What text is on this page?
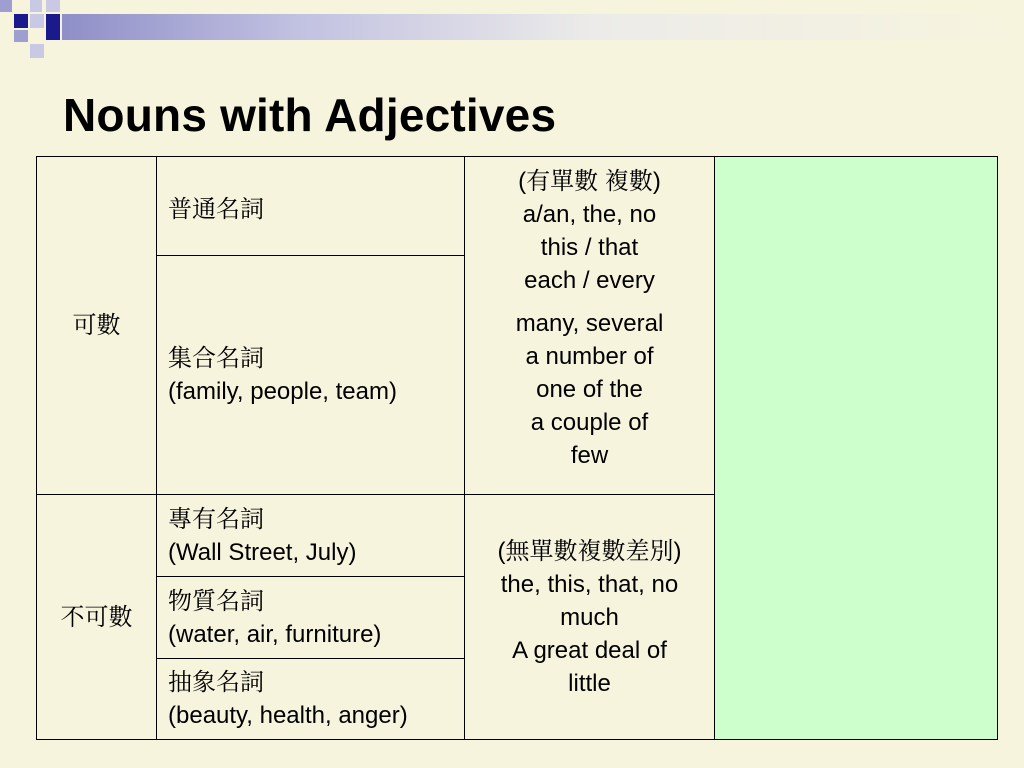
Nouns with Adjectives
可數
不可數
普通名詞
集合名詞
(family, people, team)
專有名詞
(Wall Street, July)
物質名詞
(water, air, furniture)
抽象名詞
(beauty, health, anger)
(有單數 複數)
a/an, the, no
this / that
each / every
many, several
a number of
one of the
a couple of
few
(無單數複數差別)
the, this, that, no
much
A great deal of
little
